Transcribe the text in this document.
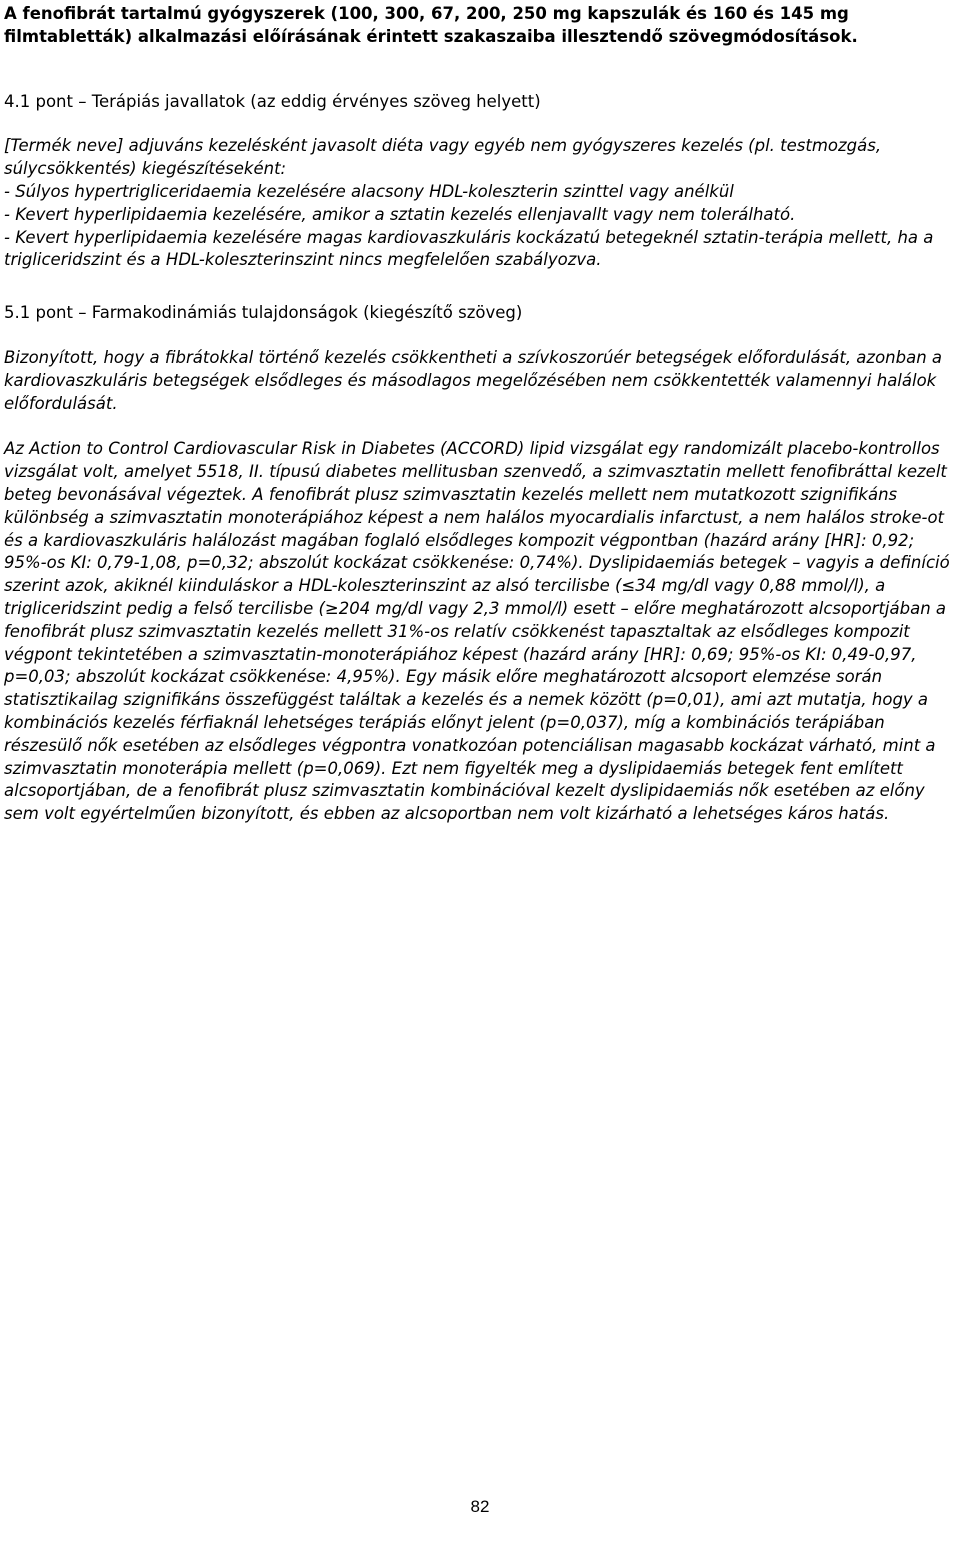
A fenofibrát tartalmú gyógyszerek (100, 300, 67, 200, 250 mg kapszulák és 160 és 145 mg filmtabletták) alkalmazási előírásának érintett szakaszaiba illesztendő szövegmódosítások.

4.1 pont – Terápiás javallatok (az eddig érvényes szöveg helyett)

[Termék neve] adjuváns kezelésként javasolt diéta vagy egyéb nem gyógyszeres kezelés (pl. testmozgás, súlycsökkentés) kiegészítéseként:

- Súlyos hypertrigliceridaemia kezelésére alacsony HDL-koleszterin szinttel vagy anélkül

- Kevert hyperlipidaemia kezelésére, amikor a sztatin kezelés ellenjavallt vagy nem tolerálható.

- Kevert hyperlipidaemia kezelésére magas kardiovaszkuláris kockázatú betegeknél sztatin-terápia mellett, ha a trigliceridszint és a HDL-koleszterinszint nincs megfelelően szabályozva.

5.1 pont – Farmakodinámiás tulajdonságok (kiegészítő szöveg)

Bizonyított, hogy a fibrátokkal történő kezelés csökkentheti a szívkoszorúér betegségek előfordulását, azonban a kardiovaszkuláris betegségek elsődleges és másodlagos megelőzésében nem csökkentették valamennyi halálok előfordulását.

Az Action to Control Cardiovascular Risk in Diabetes (ACCORD) lipid vizsgálat egy randomizált placebo-kontrollos vizsgálat volt, amelyet 5518, II. típusú diabetes mellitusban szenvedő, a szimvasztatin mellett fenofibráttal kezelt beteg bevonásával végeztek. A fenofibrát plusz szimvasztatin kezelés mellett nem mutatkozott szignifikáns különbség a szimvasztatin monoterápiához képest a nem halálos myocardialis infarctust, a nem halálos stroke-ot és a kardiovaszkuláris halálozást magában foglaló elsődleges kompozit végpontban (hazárd arány [HR]: 0,92; 95%-os KI: 0,79-1,08, p=0,32; abszolút kockázat csökkenése: 0,74%). Dyslipidaemiás betegek – vagyis a definíció szerint azok, akiknél kiinduláskor a HDL-koleszterinszint az alsó tercilisbe (≤34 mg/dl vagy 0,88 mmol/l), a trigliceridszint pedig a felső tercilisbe (≥204 mg/dl vagy 2,3 mmol/l) esett – előre meghatározott alcsoportjában a fenofibrát plusz szimvasztatin kezelés mellett 31%-os relatív csökkenést tapasztaltak az elsődleges kompozit végpont tekintetében a szimvasztatin-monoterápiához képest (hazárd arány [HR]: 0,69; 95%-os KI: 0,49-0,97, p=0,03; abszolút kockázat csökkenése: 4,95%). Egy másik előre meghatározott alcsoport elemzése során statisztikailag szignifikáns összefüggést találtak a kezelés és a nemek között (p=0,01), ami azt mutatja, hogy a kombinációs kezelés férfiaknál lehetséges terápiás előnyt jelent (p=0,037), míg a kombinációs terápiában részesülő nők esetében az elsődleges végpontra vonatkozóan potenciálisan magasabb kockázat várható, mint a szimvasztatin monoterápia mellett (p=0,069). Ezt nem figyelték meg a dyslipidaemiás betegek fent említett alcsoportjában, de a fenofibrát plusz szimvasztatin kombinációval kezelt dyslipidaemiás nők esetében az előny sem volt egyértelműen bizonyított, és ebben az alcsoportban nem volt kizárható a lehetséges káros hatás.

82
